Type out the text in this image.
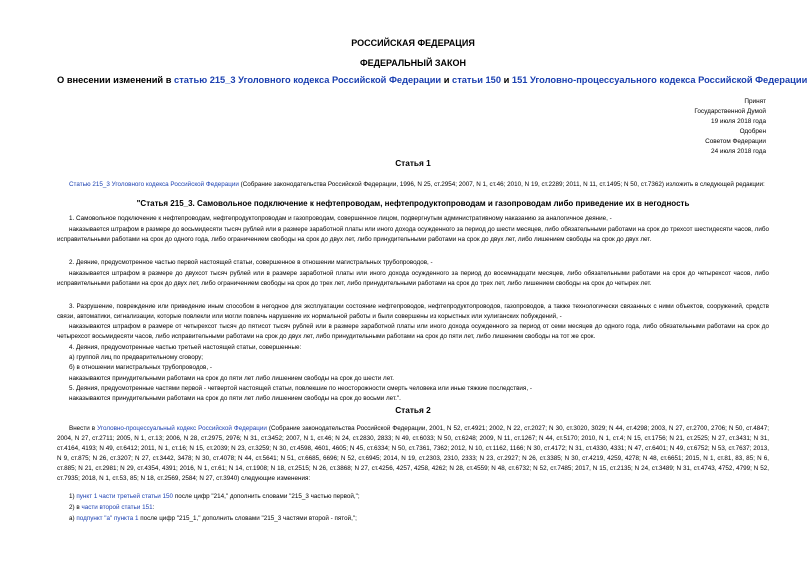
РОССИЙСКАЯ ФЕДЕРАЦИЯ
ФЕДЕРАЛЬНЫЙ ЗАКОН
О внесении изменений в статью 215_3 Уголовного кодекса Российской Федерации и статьи 150 и 151 Уголовно-процессуального кодекса Российской Федерации
Принят
Государственной Думой
19 июля 2018 года
Одобрен
Советом Федерации
24 июля 2018 года
Статья 1
Статью 215_3 Уголовного кодекса Российской Федерации (Собрание законодательства Российской Федерации, 1996, N 25, ст.2954; 2007, N 1, ст.46; 2010, N 19, ст.2289; 2011, N 11, ст.1495; N 50, ст.7362) изложить в следующей редакции:
"Статья 215_3. Самовольное подключение к нефтепроводам, нефтепродуктопроводам и газопроводам либо приведение их в негодность
1. Самовольное подключение к нефтепроводам, нефтепродуктопроводам и газопроводам, совершенное лицом, подвергнутым административному наказанию за аналогичное деяние, -
наказывается штрафом в размере до восьмидесяти тысяч рублей или в размере заработной платы или иного дохода осужденного за период до шести месяцев, либо обязательными работами на срок до трехсот шестидесяти часов, либо исправительными работами на срок до одного года, либо ограничением свободы на срок до двух лет, либо принудительными работами на срок до двух лет, либо лишением свободы на срок до двух лет.
2. Деяние, предусмотренное частью первой настоящей статьи, совершенное в отношении магистральных трубопроводов, -
наказывается штрафом в размере до двухсот тысяч рублей или в размере заработной платы или иного дохода осужденного за период до восемнадцати месяцев, либо обязательными работами на срок до четырехсот часов, либо исправительными работами на срок до двух лет, либо ограничением свободы на срок до трех лет, либо принудительными работами на срок до трех лет, либо лишением свободы на срок до четырех лет.
3. Разрушение, повреждение или приведение иным способом в негодное для эксплуатации состояние нефтепроводов, нефтепродуктопроводов, газопроводов, а также технологически связанных с ними объектов, сооружений, средств связи, автоматики, сигнализации, которые повлекли или могли повлечь нарушение их нормальной работы и были совершены из корыстных или хулиганских побуждений, -
наказываются штрафом в размере от четырехсот тысяч до пятисот тысяч рублей или в размере заработной платы или иного дохода осужденного за период от семи месяцев до одного года, либо обязательными работами на срок до четырехсот восьмидесяти часов, либо исправительными работами на срок до двух лет, либо принудительными работами на срок до пяти лет, либо лишением свободы на тот же срок.
4. Деяния, предусмотренные частью третьей настоящей статьи, совершенные:
а) группой лиц по предварительному сговору;
б) в отношении магистральных трубопроводов, -
наказываются принудительными работами на срок до пяти лет либо лишением свободы на срок до шести лет.
5. Деяния, предусмотренные частями первой - четвертой настоящей статьи, повлекшие по неосторожности смерть человека или иные тяжкие последствия, -
наказываются принудительными работами на срок до пяти лет либо лишением свободы на срок до восьми лет.".
Статья 2
Внести в Уголовно-процессуальный кодекс Российской Федерации (Собрание законодательства Российской Федерации, 2001, N 52, ст.4921; 2002, N 22, ст.2027; N 30, ст.3020, 3029; N 44, ст.4298; 2003, N 27, ст.2700, 2706; N 50, ст.4847; 2004, N 27, ст.2711; 2005, N 1, ст.13; 2006, N 28, ст.2975, 2976; N 31, ст.3452; 2007, N 1, ст.46; N 24, ст.2830, 2833; N 49, ст.6033; N 50, ст.6248; 2009, N 11, ст.1267; N 44, ст.5170; 2010, N 1, ст.4; N 15, ст.1756; N 21, ст.2525; N 27, ст.3431; N 31, ст.4164, 4193; N 49, ст.6412; 2011, N 1, ст.16; N 15, ст.2039; N 23, ст.3259; N 30, ст.4598, 4601, 4605; N 45, ст.6334; N 50, ст.7361, 7362; 2012, N 10, ст.1162, 1166; N 30, ст.4172; N 31, ст.4330, 4331; N 47, ст.6401; N 49, ст.6752; N 53, ст.7637; 2013, N 9, ст.875; N 26, ст.3207; N 27, ст.3442, 3478; N 30, ст.4078; N 44, ст.5641; N 51, ст.6685, 6696; N 52, ст.6945; 2014, N 19, ст.2303, 2310, 2333; N 23, ст.2927; N 26, ст.3385; N 30, ст.4219, 4259, 4278; N 48, ст.6651; 2015, N 1, ст.81, 83, 85; N 6, ст.885; N 21, ст.2981; N 29, ст.4354, 4391; 2016, N 1, ст.61; N 14, ст.1908; N 18, ст.2515; N 26, ст.3868; N 27, ст.4256, 4257, 4258, 4262; N 28, ст.4559; N 48, ст.6732; N 52, ст.7485; 2017, N 15, ст.2135; N 24, ст.3489; N 31, ст.4743, 4752, 4799; N 52, ст.7935; 2018, N 1, ст.53, 85; N 18, ст.2569, 2584; N 27, ст.3940) следующие изменения:
1) пункт 1 части третьей статьи 150 после цифр "214," дополнить словами "215_3 частью первой,";
2) в части второй статьи 151:
а) подпункт "а" пункта 1 после цифр "215_1," дополнить словами "215_3 частями второй - пятой,";
